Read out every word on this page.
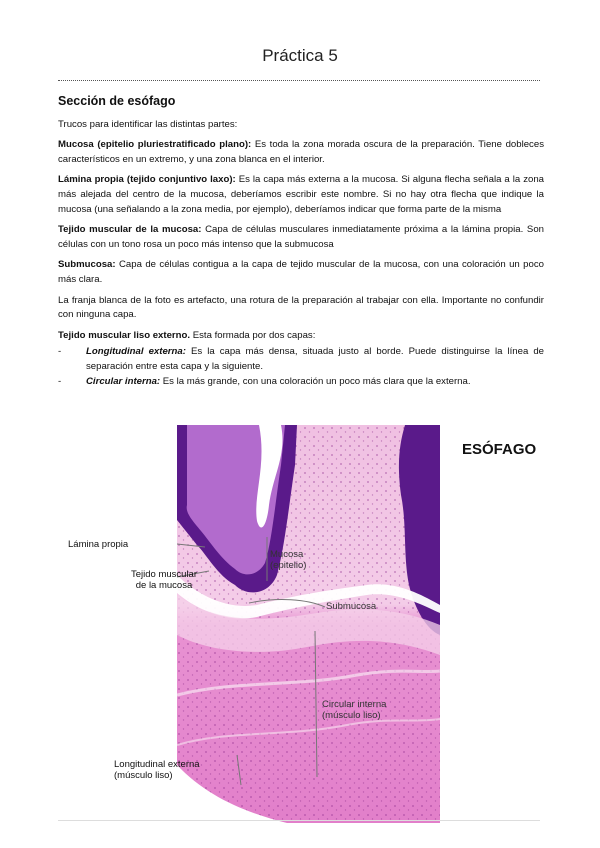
Práctica 5
Sección de esófago

Trucos para identificar las distintas partes:

Mucosa (epitelio pluriestratificado plano): Es toda la zona morada oscura de la preparación. Tiene dobleces característicos en un extremo, y una zona blanca en el interior.

Lámina propia (tejido conjuntivo laxo): Es la capa más externa a la mucosa. Si alguna flecha señala a la zona más alejada del centro de la mucosa, deberíamos escribir este nombre. Si no hay otra flecha que indique la mucosa (una señalando a la zona media, por ejemplo), deberíamos indicar que forma parte de la misma

Tejido muscular de la mucosa: Capa de células musculares inmediatamente próxima a la lámina propia. Son células con un tono rosa un poco más intenso que la submucosa

Submucosa: Capa de células contigua a la capa de tejido muscular de la mucosa, con una coloración un poco más clara.

La franja blanca de la foto es artefacto, una rotura de la preparación al trabajar con ella. Importante no confundir con ninguna capa.

Tejido muscular liso externo. Esta formada por dos capas:

-	Longitudinal externa: Es la capa más densa, situada justo al borde. Puede distinguirse la línea de separación entre esta capa y la siguiente.
-	Circular interna: Es la más grande, con una coloración un poco más clara que la externa.
ESÓFAGO
Lámina propia
Tejido muscular
de la mucosa
Mucosa
(epitelio)
Submucosa
Circular interna
(músculo liso)
Longitudinal externa
(músculo liso)
